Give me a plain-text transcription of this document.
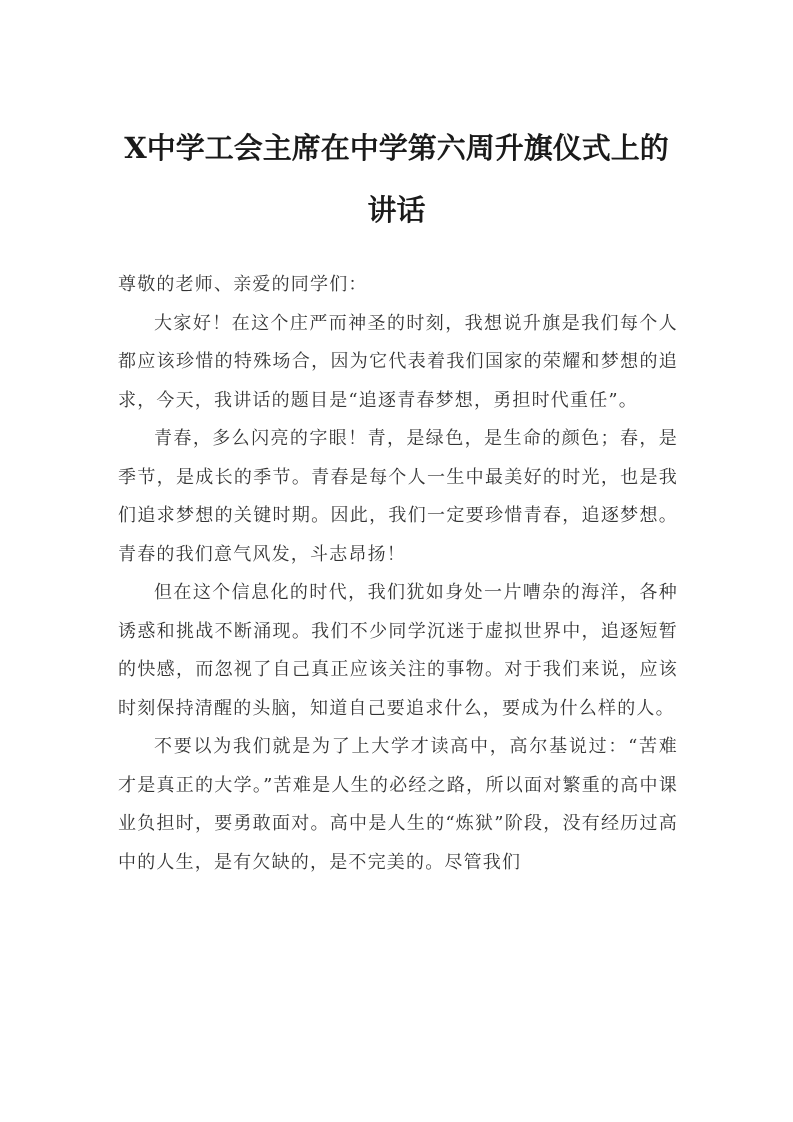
X中学工会主席在中学第六周升旗仪式上的
讲话

尊敬的老师、亲爱的同学们：

大家好！在这个庄严而神圣的时刻，我想说升旗是我们每个人都应该珍惜的特殊场合，因为它代表着我们国家的荣耀和梦想的追求，今天，我讲话的题目是“追逐青春梦想，勇担时代重任”。

青春，多么闪亮的字眼！青，是绿色，是生命的颜色；春，是季节，是成长的季节。青春是每个人一生中最美好的时光，也是我们追求梦想的关键时期。因此，我们一定要珍惜青春，追逐梦想。青春的我们意气风发，斗志昂扬！

但在这个信息化的时代，我们犹如身处一片嘈杂的海洋，各种诱惑和挑战不断涌现。我们不少同学沉迷于虚拟世界中，追逐短暂的快感，而忽视了自己真正应该关注的事物。对于我们来说，应该时刻保持清醒的头脑，知道自己要追求什么，要成为什么样的人。

不要以为我们就是为了上大学才读高中，高尔基说过：“苦难才是真正的大学。”苦难是人生的必经之路，所以面对繁重的高中课业负担时，要勇敢面对。高中是人生的“炼狱”阶段，没有经历过高中的人生，是有欠缺的，是不完美的。尽管我们
